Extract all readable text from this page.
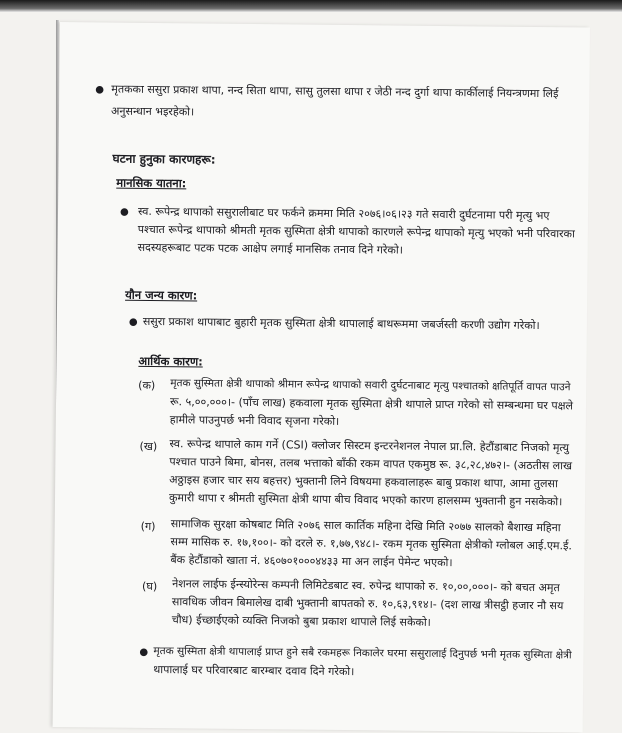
● मृतकका ससुरा प्रकाश थापा, नन्द सिता थापा, सासु तुलसा थापा र जेठी नन्द दुर्गा थापा कार्कीलाई नियन्त्रणमा लिई
अनुसन्धान भइरहेको।
घटना हुनुका कारणहरू:
मानसिक यातना:
● स्व. रूपेन्द्र थापाको ससुरालीबाट घर फर्कने क्रममा मिति २०७६।०६।२३ गते सवारी दुर्घटनामा परी मृत्यु भए
पश्चात रूपेन्द्र थापाको श्रीमती मृतक सुस्मिता क्षेत्री थापाको कारणले रूपेन्द्र थापाको मृत्यु भएको भनी परिवारका
सदस्यहरूबाट पटक पटक आक्षेप लगाई मानसिक तनाव दिने गरेको।
यौन जन्य कारण:
● ससुरा प्रकाश थापाबाट बुहारी मृतक सुस्मिता क्षेत्री थापालाई बाथरूममा जबर्जस्ती करणी उद्योग गरेको।
आर्थिक कारण:
(क) मृतक सुस्मिता क्षेत्री थापाको श्रीमान रूपेन्द्र थापाको सवारी दुर्घटनाबाट मृत्यु पश्चातको क्षतिपूर्ति वापत पाउने
रू. ५,००,०००।- (पाँच लाख) हकवाला मृतक सुस्मिता क्षेत्री थापाले प्राप्त गरेको सो सम्बन्धमा घर पक्षले
हामीले पाउनुपर्छ भनी विवाद सृजना गरेको।
(ख) स्व. रूपेन्द्र थापाले काम गर्ने (CSI) क्लोजर सिस्टम इन्टरनेशनल नेपाल प्रा.लि. हेटौंडाबाट निजको मृत्यु
पश्चात पाउने बिमा, बोनस, तलब भत्ताको बाँकी रकम वापत एकमुष्ठ रू. ३८,२८,४७२।- (अठतीस लाख
अठ्ठाइस हजार चार सय बहत्तर) भुक्तानी लिने विषयमा हकवालाहरू बाबु प्रकाश थापा, आमा तुलसा
कुमारी थापा र श्रीमती सुस्मिता क्षेत्री थापा बीच विवाद भएको कारण हालसम्म भुक्तानी हुन नसकेको।
(ग) सामाजिक सुरक्षा कोषबाट मिति २०७६ साल कार्तिक महिना देखि मिति २०७७ सालको बैशाख महिना
सम्म मासिक रु. १७,१००।- को दरले रु. १,७७,९४८।- रकम मृतक सुस्मिता क्षेत्रीको ग्लोबल आई.एम.ई.
बैंक हेटौंडाको खाता नं. ४६०७०१०००४४३३ मा अन लाईन पेमेन्ट भएको।
(घ) नेशनल लाईफ ईन्स्योरेन्स कम्पनी लिमिटेडबाट स्व. रुपेन्द्र थापाको रु. १०,००,०००।- को बचत अमृत
सावधिक जीवन बिमालेख दाबी भुक्तानी बापतको रु. १०,६३,९१४।- (दश लाख त्रीसट्ठी हजार नौ सय
चौध) ईच्छाईएको व्यक्ति निजको बुबा प्रकाश थापाले लिई सकेको।
● मृतक सुस्मिता क्षेत्री थापालाई प्राप्त हुने सबै रकमहरू निकालेर घरमा ससुरालाई दिनुपर्छ भनी मृतक सुस्मिता क्षेत्री
थापालाई घर परिवारबाट बारम्बार दवाव दिने गरेको।
